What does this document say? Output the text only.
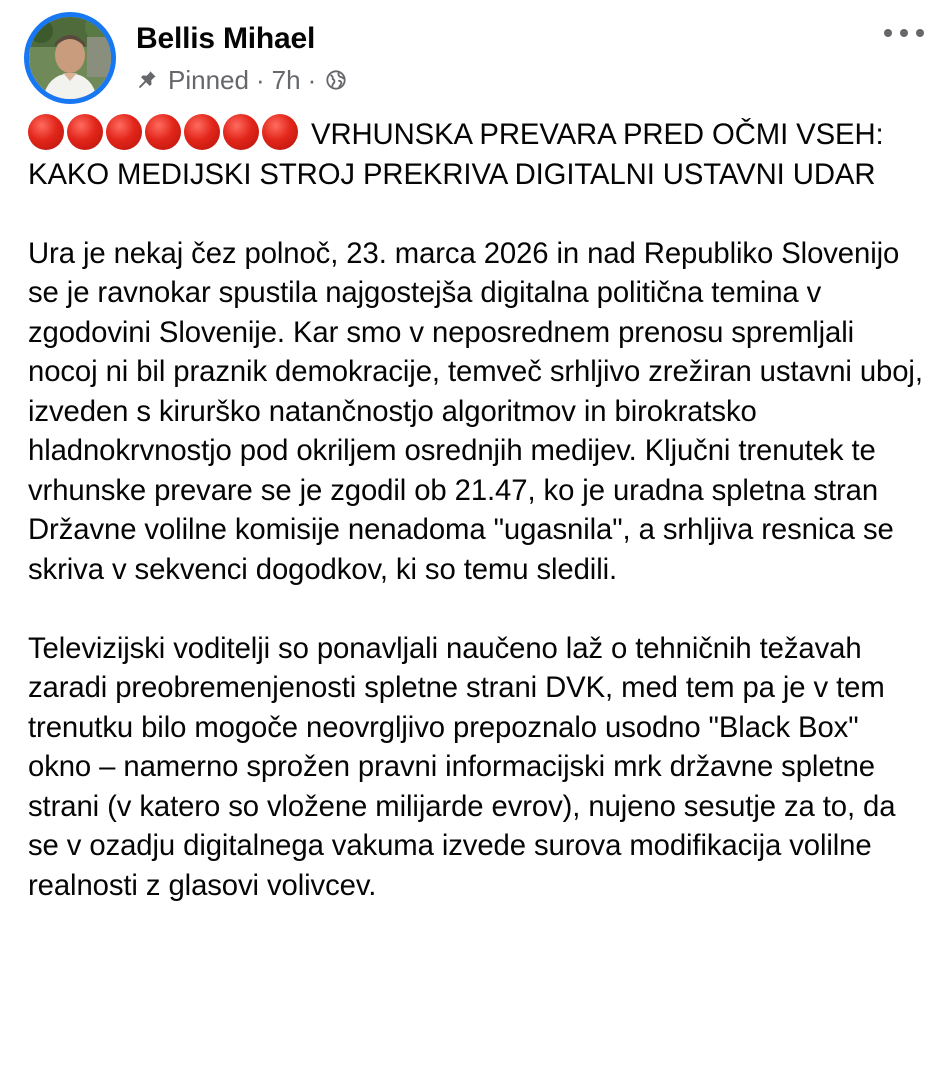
Bellis Mihael
Pinned · 7h ·

VRHUNSKA PREVARA PRED OČMI VSEH: KAKO MEDIJSKI STROJ PREKRIVA DIGITALNI USTAVNI UDAR

Ura je nekaj čez polnoč, 23. marca 2026 in nad Republiko Slovenijo se je ravnokar spustila najgostejša digitalna politična temina v zgodovini Slovenije. Kar smo v neposrednem prenosu spremljali nocoj ni bil praznik demokracije, temveč srhljivo zrežiran ustavni uboj, izveden s kirurško natančnostjo algoritmov in birokratsko hladnokrvnostjo pod okriljem osrednjih medijev. Ključni trenutek te vrhunske prevare se je zgodil ob 21.47, ko je uradna spletna stran Državne volilne komisije nenadoma "ugasnila", a srhljiva resnica se skriva v sekvenci dogodkov, ki so temu sledili.

Televizijski voditelji so ponavljali naučeno laž o tehničnih težavah zaradi preobremenjenosti spletne strani DVK, med tem pa je v tem trenutku bilo mogoče neovrgljivo prepoznalo usodno "Black Box" okno – namerno sprožen pravni informacijski mrk državne spletne strani (v katero so vložene milijarde evrov), nujeno sesutje za to, da se v ozadju digitalnega vakuma izvede surova modifikacija volilne realnosti z glasovi volivcev.
